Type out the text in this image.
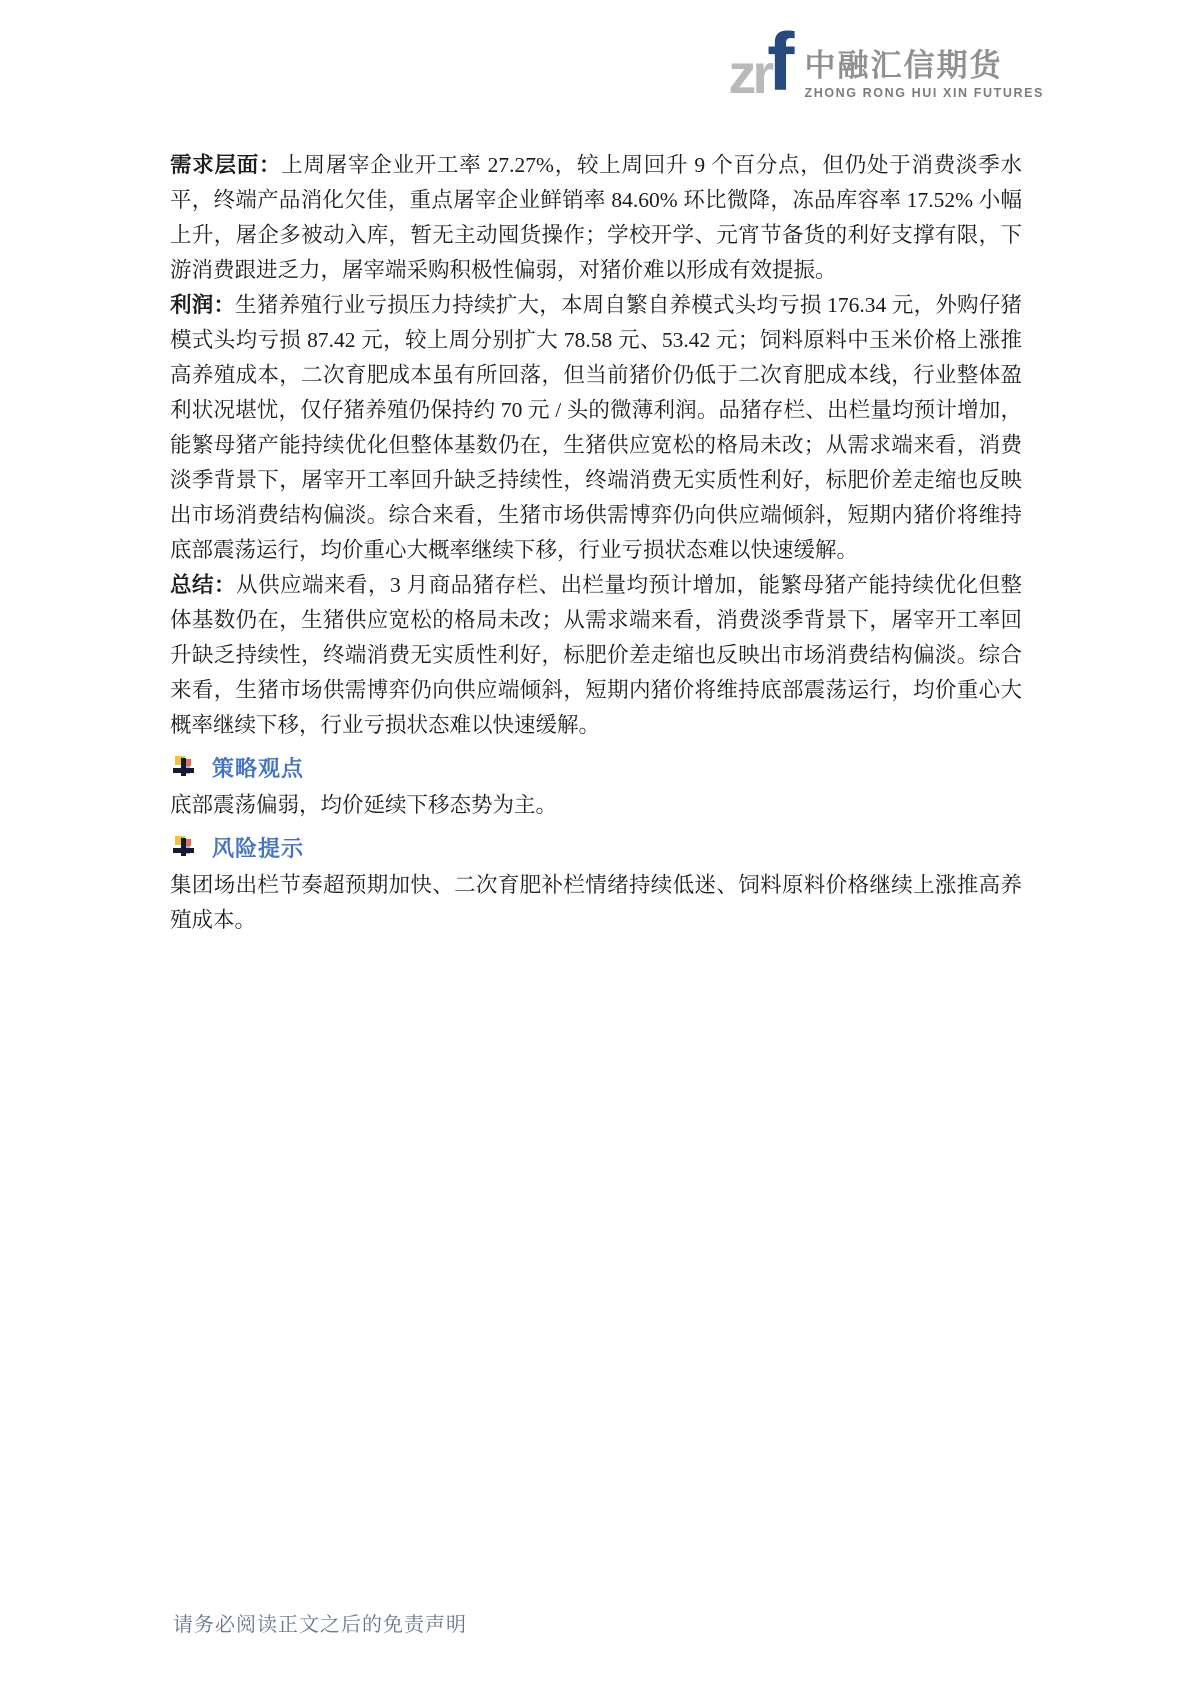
zr
f 中融汇信期货
ZHONG RONG HUI XIN FUTURES

需求层面：上周屠宰企业开工率 27.27%，较上周回升 9 个百分点，但仍处于消费淡季水平，终端产品消化欠佳，重点屠宰企业鲜销率 84.60% 环比微降，冻品库容率 17.52% 小幅上升，屠企多被动入库，暂无主动囤货操作；学校开学、元宵节备货的利好支撑有限，下游消费跟进乏力，屠宰端采购积极性偏弱，对猪价难以形成有效提振。

利润：生猪养殖行业亏损压力持续扩大，本周自繁自养模式头均亏损 176.34 元，外购仔猪模式头均亏损 87.42 元，较上周分别扩大 78.58 元、53.42 元；饲料原料中玉米价格上涨推高养殖成本，二次育肥成本虽有所回落，但当前猪价仍低于二次育肥成本线，行业整体盈利状况堪忧，仅仔猪养殖仍保持约 70 元 / 头的微薄利润。品猪存栏、出栏量均预计增加，能繁母猪产能持续优化但整体基数仍在，生猪供应宽松的格局未改；从需求端来看，消费淡季背景下，屠宰开工率回升缺乏持续性，终端消费无实质性利好，标肥价差走缩也反映出市场消费结构偏淡。综合来看，生猪市场供需博弈仍向供应端倾斜，短期内猪价将维持底部震荡运行，均价重心大概率继续下移，行业亏损状态难以快速缓解。

总结：从供应端来看，3 月商品猪存栏、出栏量均预计增加，能繁母猪产能持续优化但整体基数仍在，生猪供应宽松的格局未改；从需求端来看，消费淡季背景下，屠宰开工率回升缺乏持续性，终端消费无实质性利好，标肥价差走缩也反映出市场消费结构偏淡。综合来看，生猪市场供需博弈仍向供应端倾斜，短期内猪价将维持底部震荡运行，均价重心大概率继续下移，行业亏损状态难以快速缓解。

策略观点

底部震荡偏弱，均价延续下移态势为主。

风险提示

集团场出栏节奏超预期加快、二次育肥补栏情绪持续低迷、饲料原料价格继续上涨推高养殖成本。

请务必阅读正文之后的免责声明
